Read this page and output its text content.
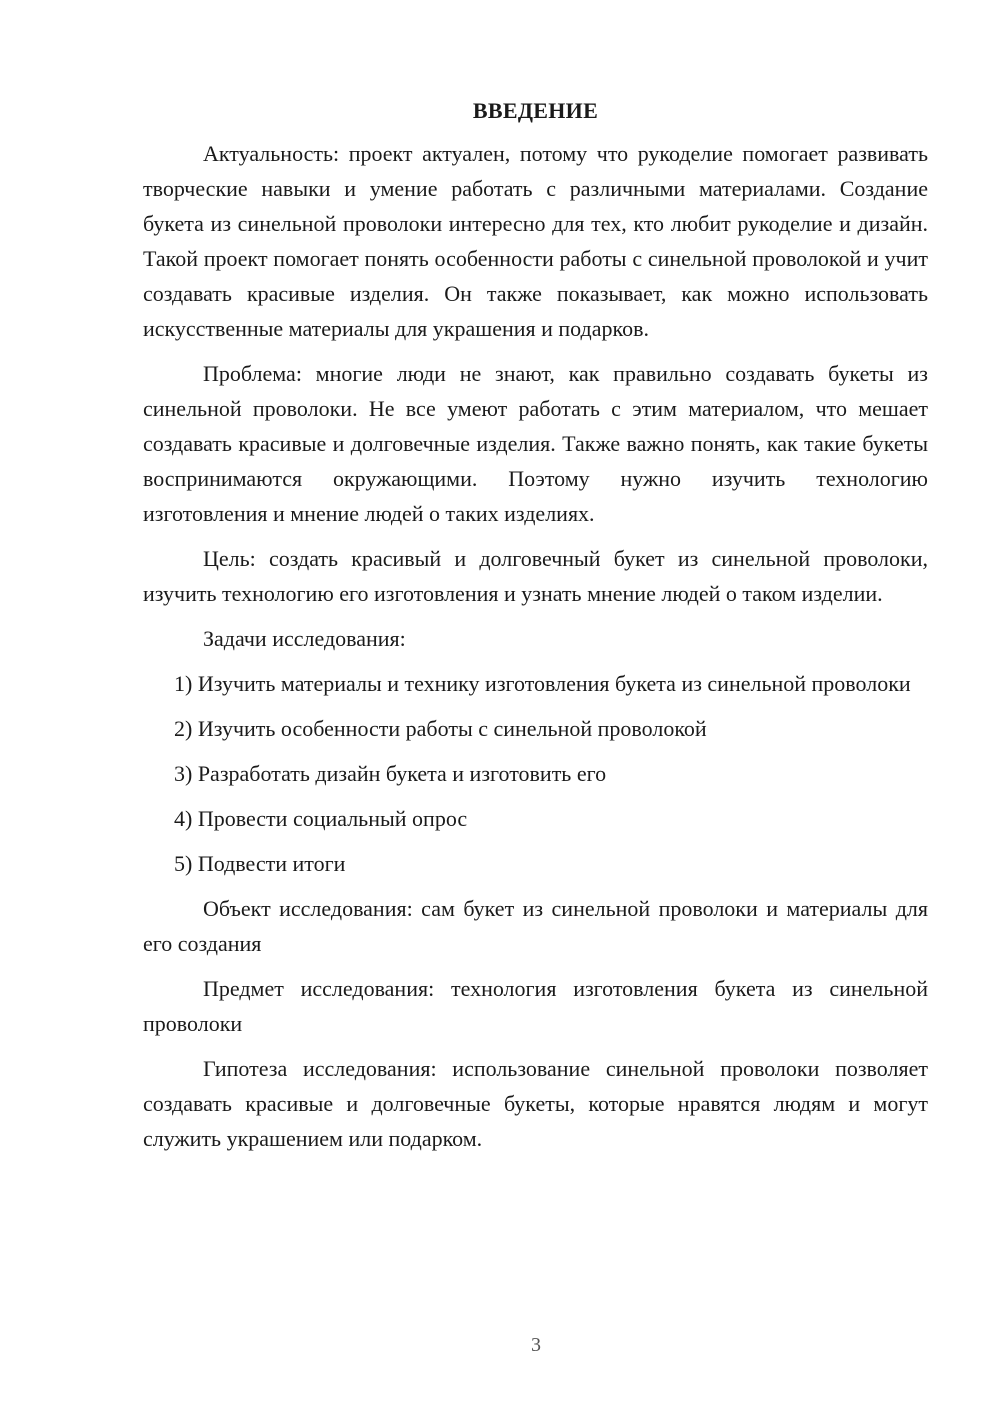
ВВЕДЕНИЕ

Актуальность: проект актуален, потому что рукоделие помогает развивать творческие навыки и умение работать с различными материалами. Создание букета из синельной проволоки интересно для тех, кто любит рукоделие и дизайн. Такой проект помогает понять особенности работы с синельной проволокой и учит создавать красивые изделия. Он также показывает, как можно использовать искусственные материалы для украшения и подарков.

Проблема: многие люди не знают, как правильно создавать букеты из синельной проволоки. Не все умеют работать с этим материалом, что мешает создавать красивые и долговечные изделия. Также важно понять, как такие букеты воспринимаются окружающими. Поэтому нужно изучить технологию изготовления и мнение людей о таких изделиях.

Цель: создать красивый и долговечный букет из синельной проволоки, изучить технологию его изготовления и узнать мнение людей о таком изделии.

Задачи исследования:

1) Изучить материалы и технику изготовления букета из синельной проволоки

2) Изучить особенности работы с синельной проволокой

3) Разработать дизайн букета и изготовить его

4) Провести социальный опрос

5) Подвести итоги

Объект исследования: сам букет из синельной проволоки и материалы для его создания

Предмет исследования: технология изготовления букета из синельной проволоки

Гипотеза исследования: использование синельной проволоки позволяет создавать красивые и долговечные букеты, которые нравятся людям и могут служить украшением или подарком.

3
